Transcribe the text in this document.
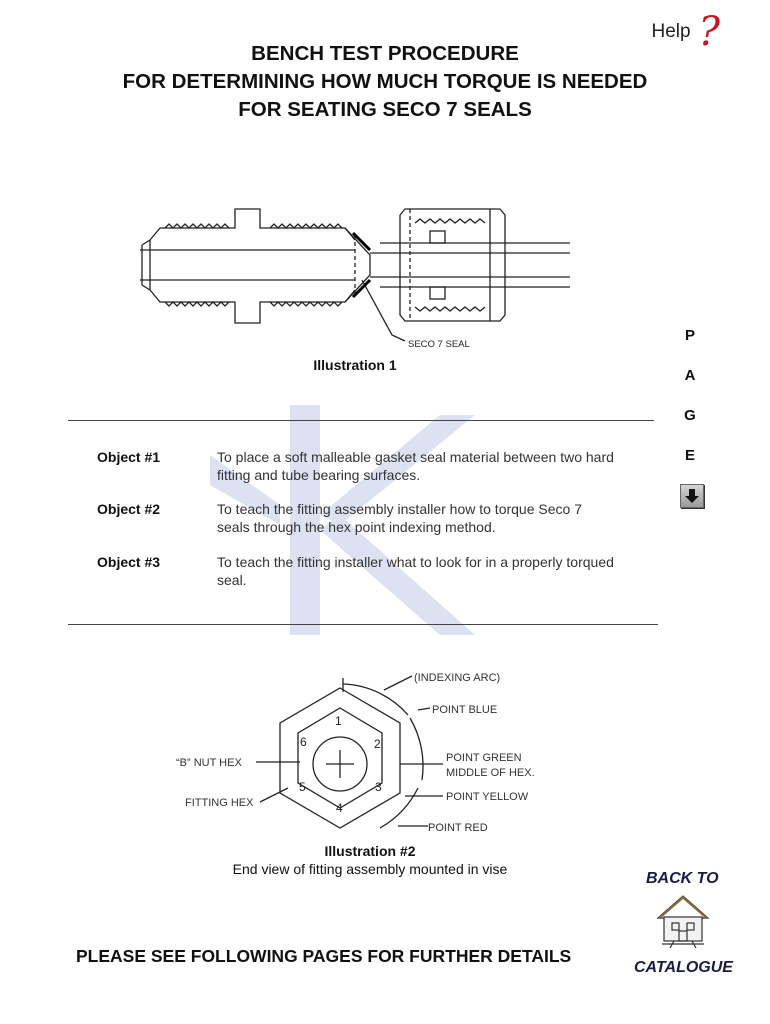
Help ?
BENCH TEST PROCEDURE
FOR DETERMINING HOW MUCH TORQUE IS NEEDED
FOR SEATING SECO 7 SEALS
SECO 7 SEAL
Illustration 1
Object #1	To place a soft malleable gasket seal material between two hard fitting and tube bearing surfaces.
Object #2	To teach the fitting assembly installer how to torque Seco 7 seals through the hex point indexing method.
Object #3	To teach the fitting installer what to look for in a properly torqued seal.
P
A
G
E
1
2
3
4
5
6
(INDEXING ARC)
POINT BLUE
POINT GREEN
MIDDLE OF HEX.
POINT YELLOW
POINT RED
“B” NUT HEX
FITTING HEX
Illustration #2
End view of fitting assembly mounted in vise
BACK TO
CATALOGUE
PLEASE SEE FOLLOWING PAGES FOR FURTHER DETAILS
